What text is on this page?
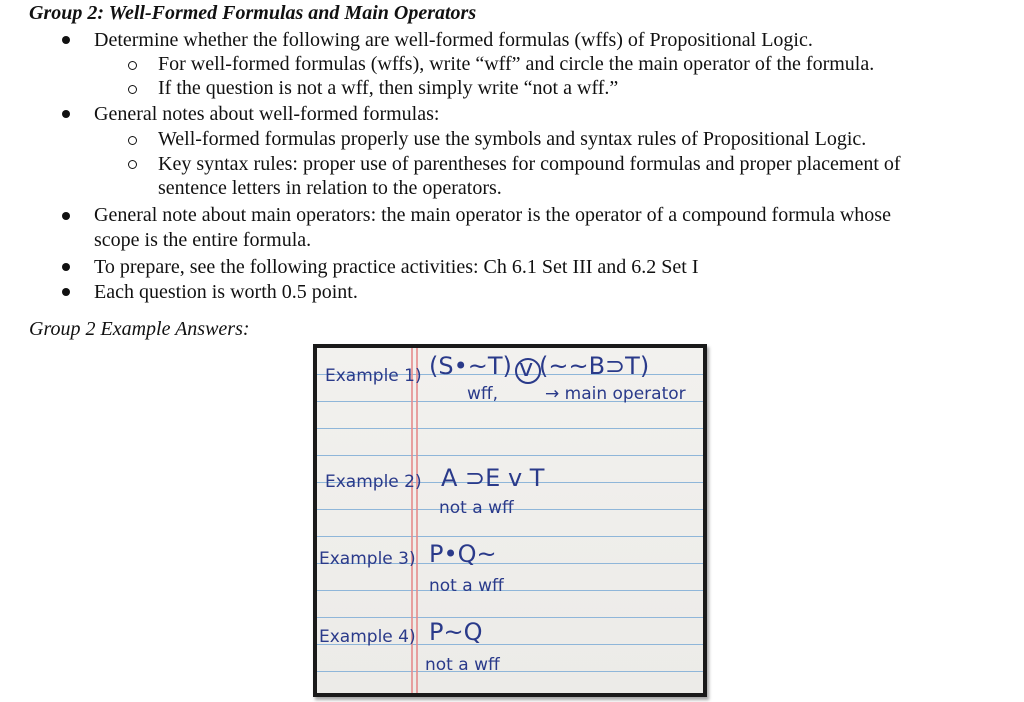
Group 2: Well-Formed Formulas and Main Operators
Determine whether the following are well-formed formulas (wffs) of Propositional Logic.
For well-formed formulas (wffs), write “wff” and circle the main operator of the formula.
If the question is not a wff, then simply write “not a wff.”
General notes about well-formed formulas:
Well-formed formulas properly use the symbols and syntax rules of Propositional Logic.
Key syntax rules: proper use of parentheses for compound formulas and proper placement of
sentence letters in relation to the operators.
General note about main operators: the main operator is the operator of a compound formula whose
scope is the entire formula.
To prepare, see the following practice activities: Ch 6.1 Set III and 6.2 Set I
Each question is worth 0.5 point.
Group 2 Example Answers:
Example 1) (S•~T) v (~~B⊃T)
wff,	→ main operator
Example 2) A ⊃E v T
not a wff
Example 3) P•Q~
not a wff
Example 4) P~Q
not a wff
